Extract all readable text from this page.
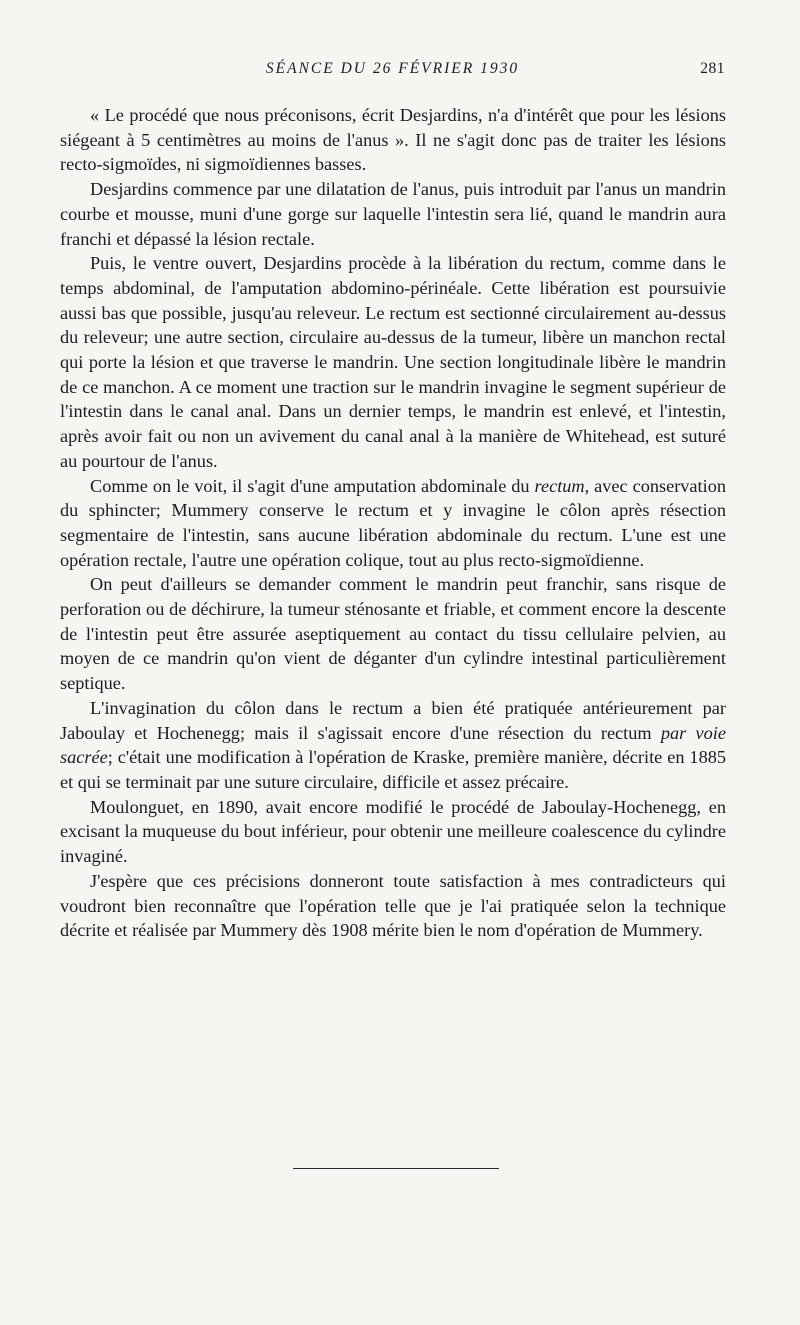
SÉANCE DU 26 FÉVRIER 1930	281

« Le procédé que nous préconisons, écrit Desjardins, n'a d'intérêt que pour les lésions siégeant à 5 centimètres au moins de l'anus ». Il ne s'agit donc pas de traiter les lésions recto-sigmoïdes, ni sigmoïdiennes basses.

Desjardins commence par une dilatation de l'anus, puis introduit par l'anus un mandrin courbe et mousse, muni d'une gorge sur laquelle l'intestin sera lié, quand le mandrin aura franchi et dépassé la lésion rectale.

Puis, le ventre ouvert, Desjardins procède à la libération du rectum, comme dans le temps abdominal, de l'amputation abdomino-périnéale. Cette libération est poursuivie aussi bas que possible, jusqu'au releveur. Le rectum est sectionné circulairement au-dessus du releveur; une autre section, circulaire au-dessus de la tumeur, libère un manchon rectal qui porte la lésion et que traverse le mandrin. Une section longitudinale libère le mandrin de ce manchon. A ce moment une traction sur le mandrin invagine le segment supérieur de l'intestin dans le canal anal. Dans un dernier temps, le mandrin est enlevé, et l'intestin, après avoir fait ou non un avivement du canal anal à la manière de Whitehead, est suturé au pourtour de l'anus.

Comme on le voit, il s'agit d'une amputation abdominale du rectum, avec conservation du sphincter; Mummery conserve le rectum et y invagine le côlon après résection segmentaire de l'intestin, sans aucune libération abdominale du rectum. L'une est une opération rectale, l'autre une opération colique, tout au plus recto-sigmoïdienne.

On peut d'ailleurs se demander comment le mandrin peut franchir, sans risque de perforation ou de déchirure, la tumeur sténosante et friable, et comment encore la descente de l'intestin peut être assurée aseptiquement au contact du tissu cellulaire pelvien, au moyen de ce mandrin qu'on vient de déganter d'un cylindre intestinal particulièrement septique.

L'invagination du côlon dans le rectum a bien été pratiquée antérieurement par Jaboulay et Hochenegg; mais il s'agissait encore d'une résection du rectum par voie sacrée; c'était une modification à l'opération de Kraske, première manière, décrite en 1885 et qui se terminait par une suture circulaire, difficile et assez précaire.

Moulonguet, en 1890, avait encore modifié le procédé de Jaboulay-Hochenegg, en excisant la muqueuse du bout inférieur, pour obtenir une meilleure coalescence du cylindre invaginé.

J'espère que ces précisions donneront toute satisfaction à mes contradicteurs qui voudront bien reconnaître que l'opération telle que je l'ai pratiquée selon la technique décrite et réalisée par Mummery dès 1908 mérite bien le nom d'opération de Mummery.
